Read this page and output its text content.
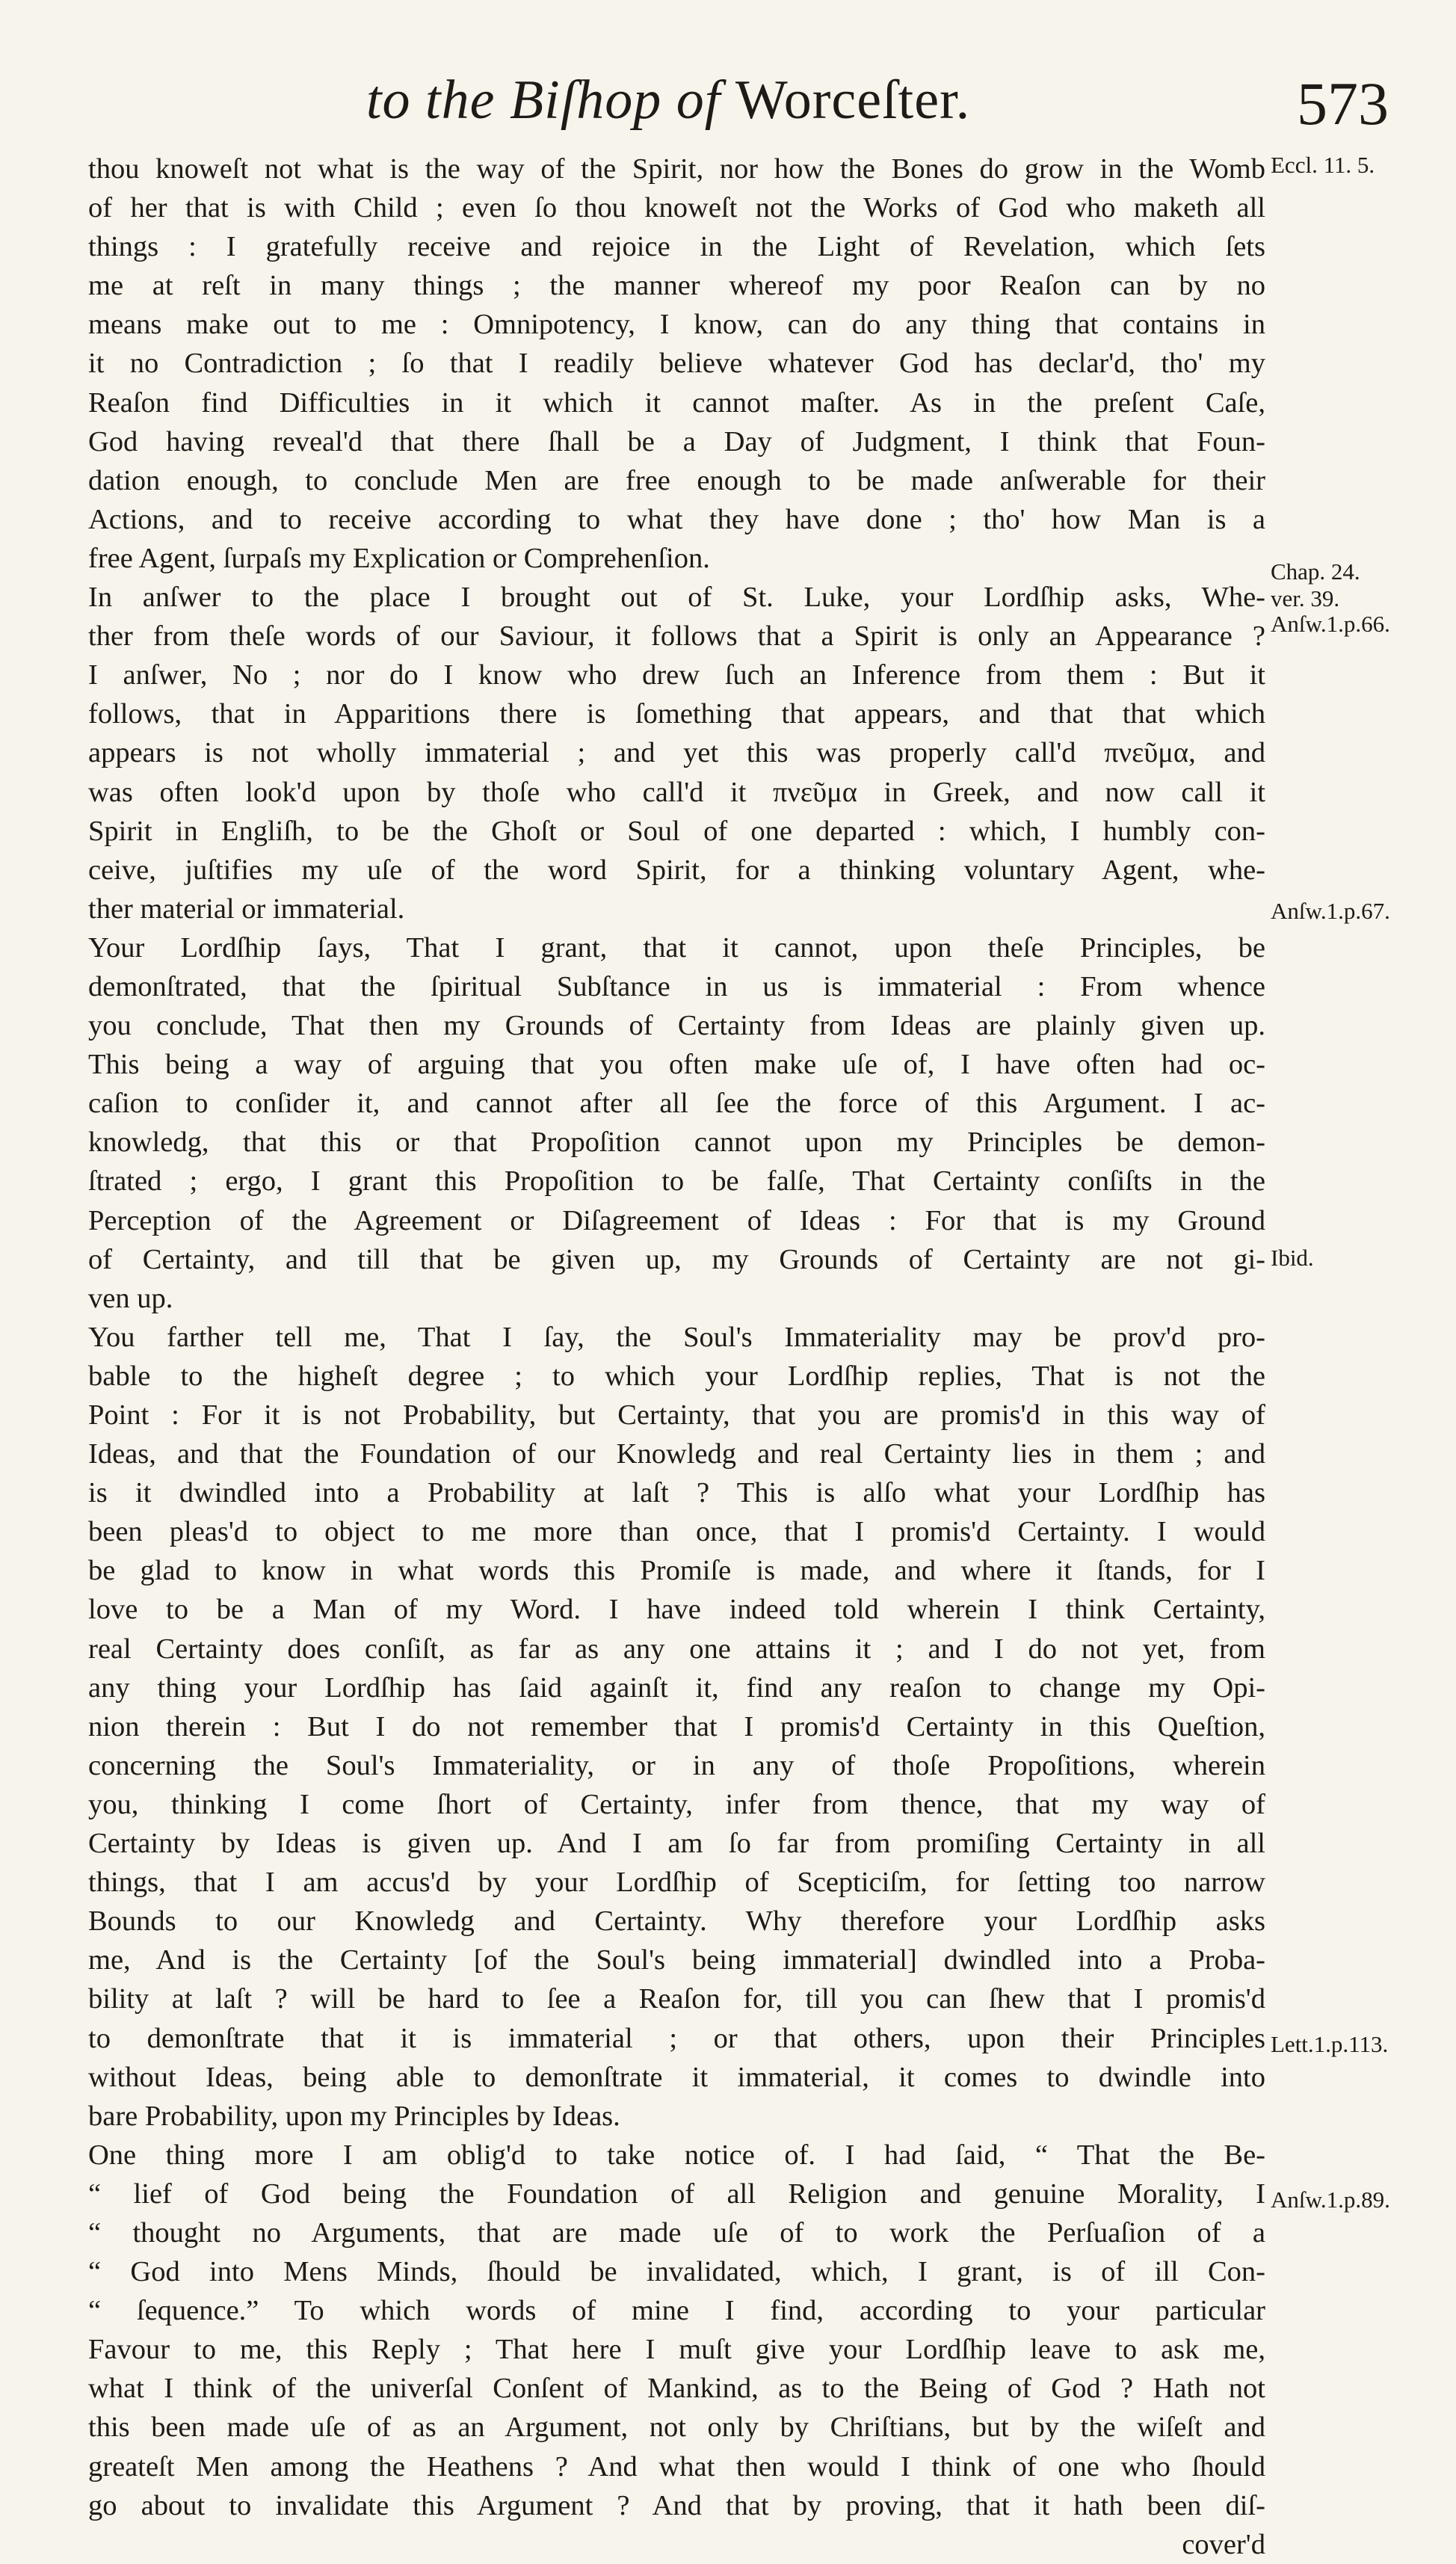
to the Biſhop of Worceſter.	573
thou knoweſt not what is the way of the Spirit, nor how the Bones do grow in the Womb
of her that is with Child ; even ſo thou knoweſt not the Works of God who maketh all
things : I gratefully receive and rejoice in the Light of Revelation, which ſets
me at reſt in many things ; the manner whereof my poor Reaſon can by no
means make out to me : Omnipotency, I know, can do any thing that contains in
it no Contradiction ; ſo that I readily believe whatever God has declar'd, tho' my
Reaſon find Difficulties in it which it cannot maſter. As in the preſent Caſe,
God having reveal'd that there ſhall be a Day of Judgment, I think that Foun-
dation enough, to conclude Men are free enough to be made anſwerable for their
Actions, and to receive according to what they have done ; tho' how Man is a
free Agent, ſurpaſs my Explication or Comprehenſion.
In anſwer to the place I brought out of St. Luke, your Lordſhip asks, Whe-
ther from theſe words of our Saviour, it follows that a Spirit is only an Appearance ?
I anſwer, No ; nor do I know who drew ſuch an Inference from them : But it
follows, that in Apparitions there is ſomething that appears, and that that which
appears is not wholly immaterial ; and yet this was properly call'd πνεῦμα, and
was often look'd upon by thoſe who call'd it πνεῦμα in Greek, and now call it
Spirit in Engliſh, to be the Ghoſt or Soul of one departed : which, I humbly con-
ceive, juſtifies my uſe of the word Spirit, for a thinking voluntary Agent, whe-
ther material or immaterial.
Your Lordſhip ſays, That I grant, that it cannot, upon theſe Principles, be
demonſtrated, that the ſpiritual Subſtance in us is immaterial : From whence
you conclude, That then my Grounds of Certainty from Ideas are plainly given up.
This being a way of arguing that you often make uſe of, I have often had oc-
caſion to conſider it, and cannot after all ſee the force of this Argument. I ac-
knowledg, that this or that Propoſition cannot upon my Principles be demon-
ſtrated ; ergo, I grant this Propoſition to be falſe, That Certainty conſiſts in the
Perception of the Agreement or Diſagreement of Ideas : For that is my Ground
of Certainty, and till that be given up, my Grounds of Certainty are not gi-
ven up.
You farther tell me, That I ſay, the Soul's Immateriality may be prov'd pro-
bable to the higheſt degree ; to which your Lordſhip replies, That is not the
Point : For it is not Probability, but Certainty, that you are promis'd in this way of
Ideas, and that the Foundation of our Knowledg and real Certainty lies in them ; and
is it dwindled into a Probability at laſt ? This is alſo what your Lordſhip has
been pleas'd to object to me more than once, that I promis'd Certainty. I would
be glad to know in what words this Promiſe is made, and where it ſtands, for I
love to be a Man of my Word. I have indeed told wherein I think Certainty,
real Certainty does conſiſt, as far as any one attains it ; and I do not yet, from
any thing your Lordſhip has ſaid againſt it, find any reaſon to change my Opi-
nion therein : But I do not remember that I promis'd Certainty in this Queſtion,
concerning the Soul's Immateriality, or in any of thoſe Propoſitions, wherein
you, thinking I come ſhort of Certainty, infer from thence, that my way of
Certainty by Ideas is given up. And I am ſo far from promiſing Certainty in all
things, that I am accus'd by your Lordſhip of Scepticiſm, for ſetting too narrow
Bounds to our Knowledg and Certainty. Why therefore your Lordſhip asks
me, And is the Certainty [of the Soul's being immaterial] dwindled into a Proba-
bility at laſt ? will be hard to ſee a Reaſon for, till you can ſhew that I promis'd
to demonſtrate that it is immaterial ; or that others, upon their Principles
without Ideas, being able to demonſtrate it immaterial, it comes to dwindle into
bare Probability, upon my Principles by Ideas.
One thing more I am oblig'd to take notice of. I had ſaid, “ That the Be-
“ lief of God being the Foundation of all Religion and genuine Morality, I
“ thought no Arguments, that are made uſe of to work the Perſuaſion of a
“ God into Mens Minds, ſhould be invalidated, which, I grant, is of ill Con-
“ ſequence.” To which words of mine I find, according to your particular
Favour to me, this Reply ; That here I muſt give your Lordſhip leave to ask me,
what I think of the univerſal Conſent of Mankind, as to the Being of God ? Hath not
this been made uſe of as an Argument, not only by Chriſtians, but by the wiſeſt and
greateſt Men among the Heathens ? And what then would I think of one who ſhould
go about to invalidate this Argument ? And that by proving, that it hath been diſ-
cover'd
Eccl. 11. 5.
Chap. 24.
ver. 39.
Anſw.1.p.66.
Anſw.1.p.67.
Ibid.
Lett.1.p.113.
Anſw.1.p.89.
